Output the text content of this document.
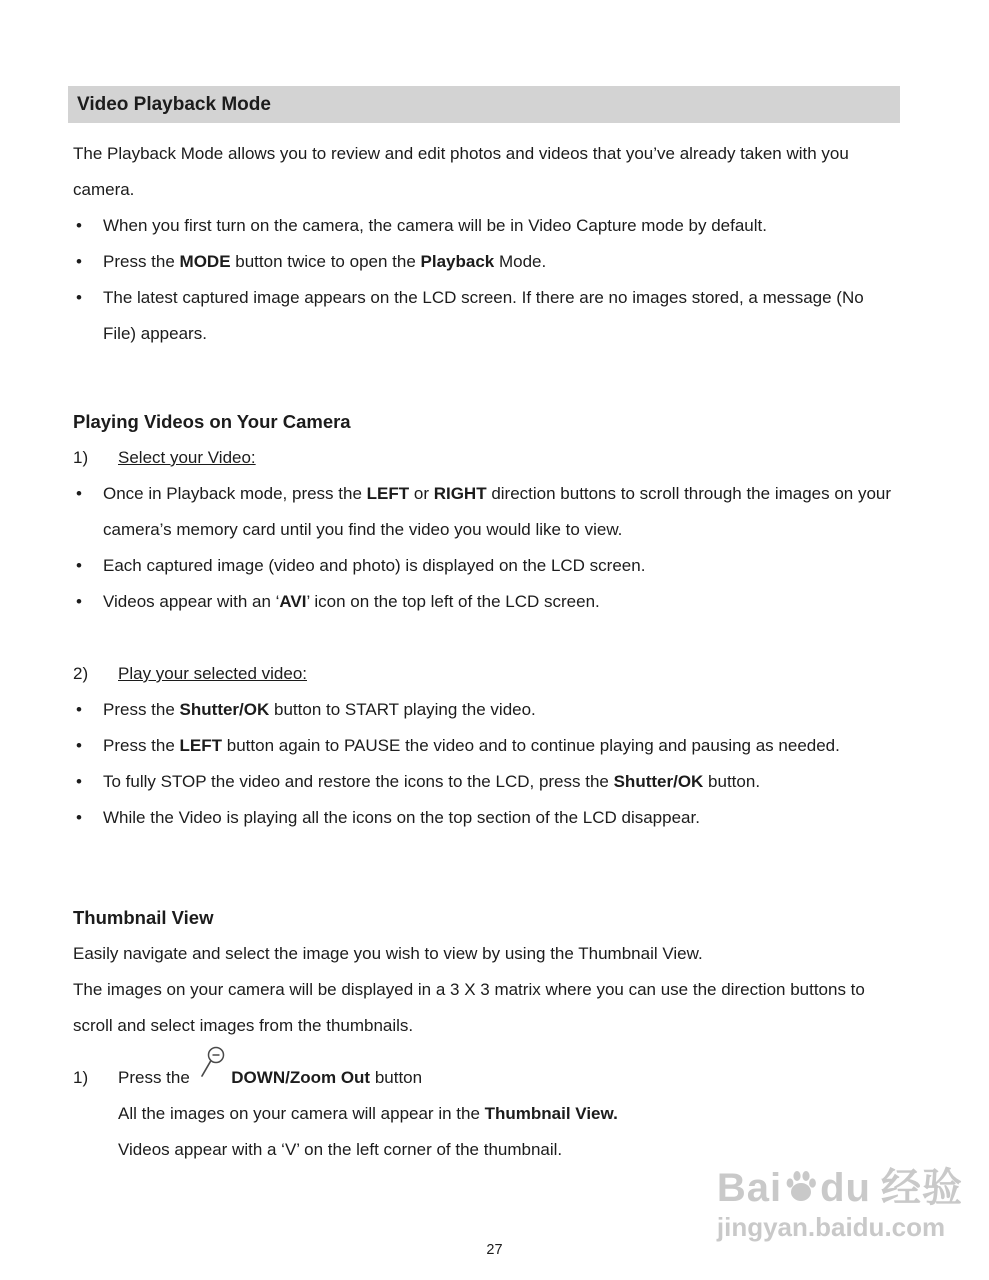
Video Playback Mode
The Playback Mode allows you to review and edit photos and videos that you’ve already taken with you camera.
•	When you first turn on the camera, the camera will be in Video Capture mode by default.
•	Press the MODE button twice to open the Playback Mode.
•	The latest captured image appears on the LCD screen. If there are no images stored, a message (No File) appears.
Playing Videos on Your Camera
1)	Select your Video:
•	Once in Playback mode, press the LEFT or RIGHT direction buttons to scroll through the images on your camera’s memory card until you find the video you would like to view.
•	Each captured image (video and photo) is displayed on the LCD screen.
•	Videos appear with an ‘AVI’ icon on the top left of the LCD screen.
2)	Play your selected video:
•	Press the Shutter/OK button to START playing the video.
•	Press the LEFT button again to PAUSE the video and to continue playing and pausing as needed.
•	To fully STOP the video and restore the icons to the LCD, press the Shutter/OK button.
•	While the Video is playing all the icons on the top section of the LCD disappear.
Thumbnail View
Easily navigate and select the image you wish to view by using the Thumbnail View.
The images on your camera will be displayed in a 3 X 3 matrix where you can use the direction buttons to scroll and select images from the thumbnails.
1)	Press the
DOWN/Zoom Out button
All the images on your camera will appear in the Thumbnail View.
Videos appear with a ‘V’ on the left corner of the thumbnail.
Bai du 经验
jingyan.baidu.com
27
